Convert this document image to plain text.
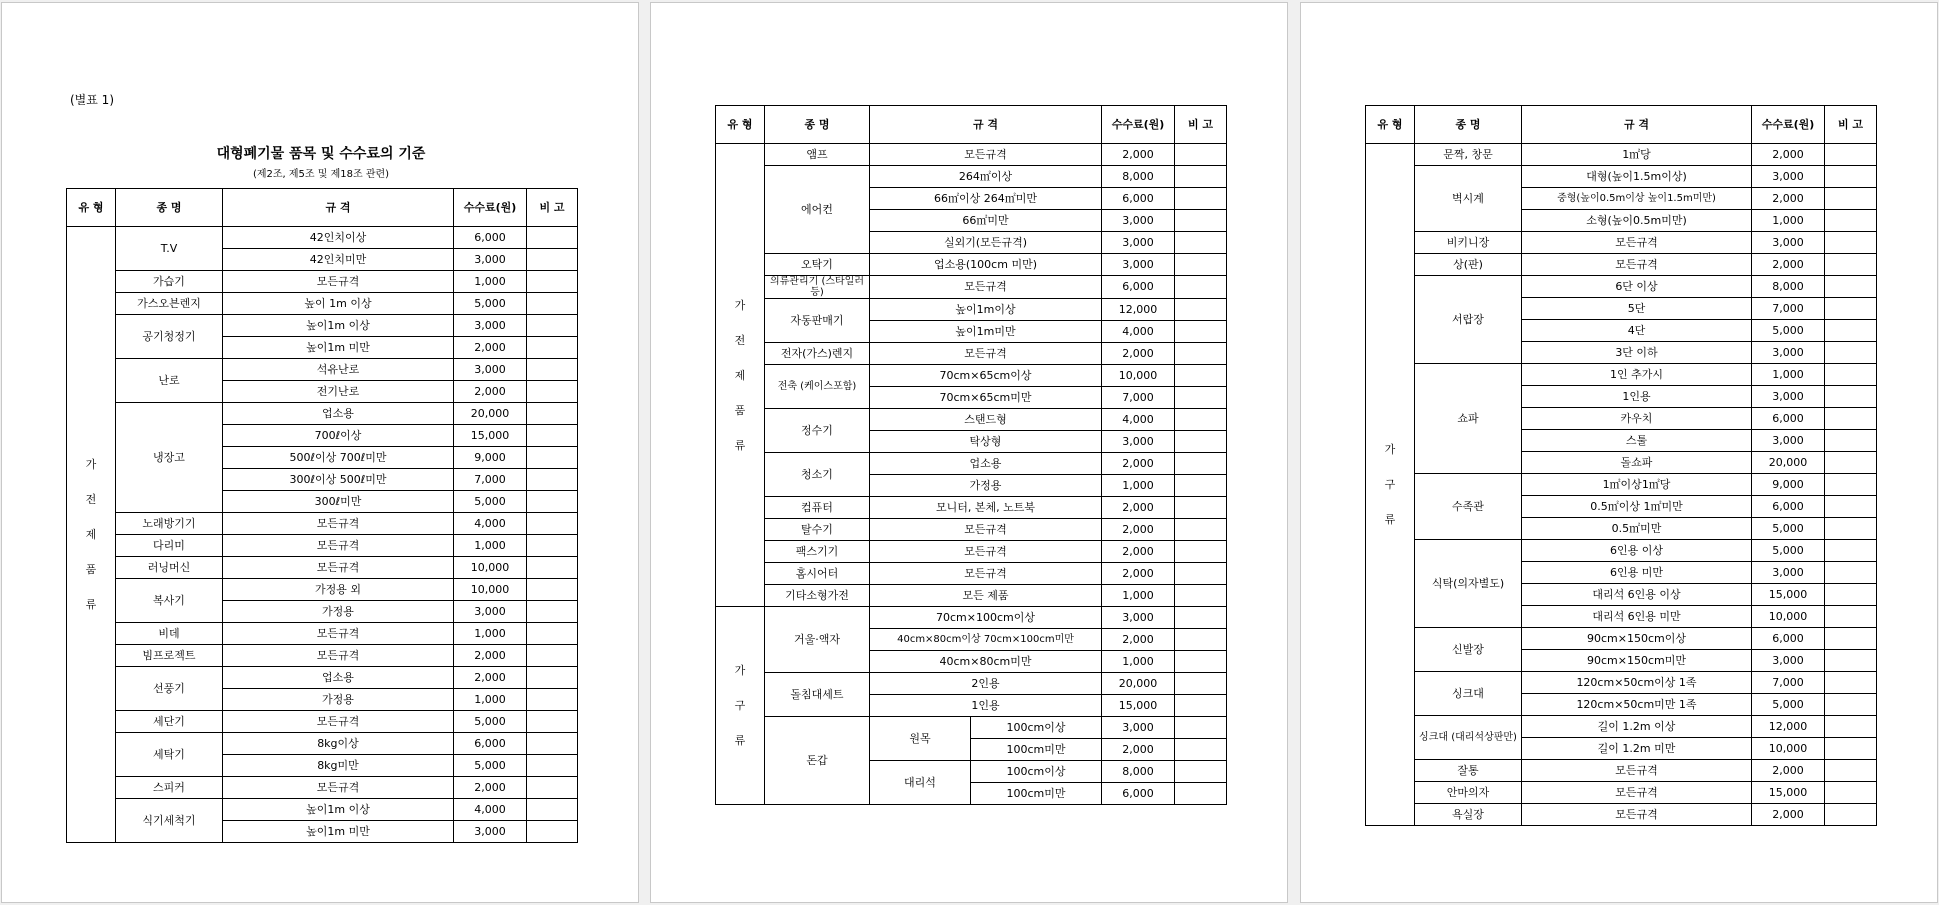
(별표 1)
대형폐기물 품목 및 수수료의 기준
(제2조, 제5조 및 제18조 관련)
유 형	종 명	규 격	수수료(원)	비 고

가
전
제
품
류	T.V	42인치이상	6,000	
		42인치미만	3,000	
	가습기	모든규격	1,000	
	가스오븐렌지	높이 1m 이상	5,000	
	공기청정기	높이1m 이상	3,000	
		높이1m 미만	2,000	
	난로	석유난로	3,000	
		전기난로	2,000	
	냉장고	업소용	20,000	
		700ℓ이상	15,000	
		500ℓ이상 700ℓ미만	9,000	
		300ℓ이상 500ℓ미만	7,000	
		300ℓ미만	5,000	
	노래방기기	모든규격	4,000	
	다리미	모든규격	1,000	
	러닝머신	모든규격	10,000	
	복사기	가정용 외	10,000	
		가정용	3,000	
	비데	모든규격	1,000	
	빔프로젝트	모든규격	2,000	
	선풍기	업소용	2,000	
		가정용	1,000	
	세단기	모든규격	5,000	
	세탁기	8kg이상	6,000	
		8kg미만	5,000	
	스피커	모든규격	2,000	
	식기세척기	높이1m 이상	4,000	
		높이1m 미만	3,000	
유 형	종 명	규 격		수수료(원)	비 고

가
전
제
품
류	앰프	모든규격		2,000	
	에어컨	264㎡이상		8,000	
		66㎡이상 264㎡미만		6,000	
		66㎡미만		3,000	
		실외기(모든규격)		3,000	
	오탁기	업소용(100cm 미만)		3,000	
	의류관리기 (스타일러 등)	모든규격		6,000	
	자동판매기	높이1m이상		12,000	
		높이1m미만		4,000	
	전자(가스)렌지	모든규격		2,000	
	전축 (케이스포함)	70cm×65cm이상		10,000	
		70cm×65cm미만		7,000	
	정수기	스탠드형		4,000	
		탁상형		3,000	
	청소기	업소용		2,000	
		가정용		1,000	
	컴퓨터	모니터, 본체, 노트북		2,000	
	탈수기	모든규격		2,000	
	팩스기기	모든규격		2,000	
	홈시어터	모든규격		2,000	
	기타소형가전	모든 제품		1,000	

가
구
류	거울·액자	70cm×100cm이상		3,000	
		40cm×80cm이상 70cm×100cm미만		2,000	
		40cm×80cm미만		1,000	
	돌침대세트	2인용		20,000	
		1인용		15,000	
	돈갑	원목	100cm이상	3,000	
			100cm미만	2,000	
		대리석	100cm이상	8,000	
			100cm미만	6,000	
유 형	종 명	규 격	수수료(원)	비 고

가
구
류	문짝, 창문	1㎡당	2,000	
	벽시계	대형(높이1.5m이상)	3,000	
		중형(높이0.5m이상 높이1.5m미만)	2,000	
		소형(높이0.5m미만)	1,000	
	비키니장	모든규격	3,000	
	상(판)	모든규격	2,000	
	서랍장	6단 이상	8,000	
		5단	7,000	
		4단	5,000	
		3단 이하	3,000	
	쇼파	1인 추가시	1,000	
		1인용	3,000	
		카우치	6,000	
		스툴	3,000	
		돌쇼파	20,000	
	수족관	1㎡이상1㎡당	9,000	
		0.5㎡이상 1㎡미만	6,000	
		0.5㎡미만	5,000	
	식탁(의자별도)	6인용 이상	5,000	
		6인용 미만	3,000	
		대리석 6인용 이상	15,000	
		대리석 6인용 미만	10,000	
	신발장	90cm×150cm이상	6,000	
		90cm×150cm미만	3,000	
	싱크대	120cm×50cm이상 1족	7,000	
		120cm×50cm미만 1족	5,000	
	싱크대 (대리석상판만)	길이 1.2m 이상	12,000	
		길이 1.2m 미만	10,000	
	잘통	모든규격	2,000	
	안마의자	모든규격	15,000	
	욕실장	모든규격	2,000	
